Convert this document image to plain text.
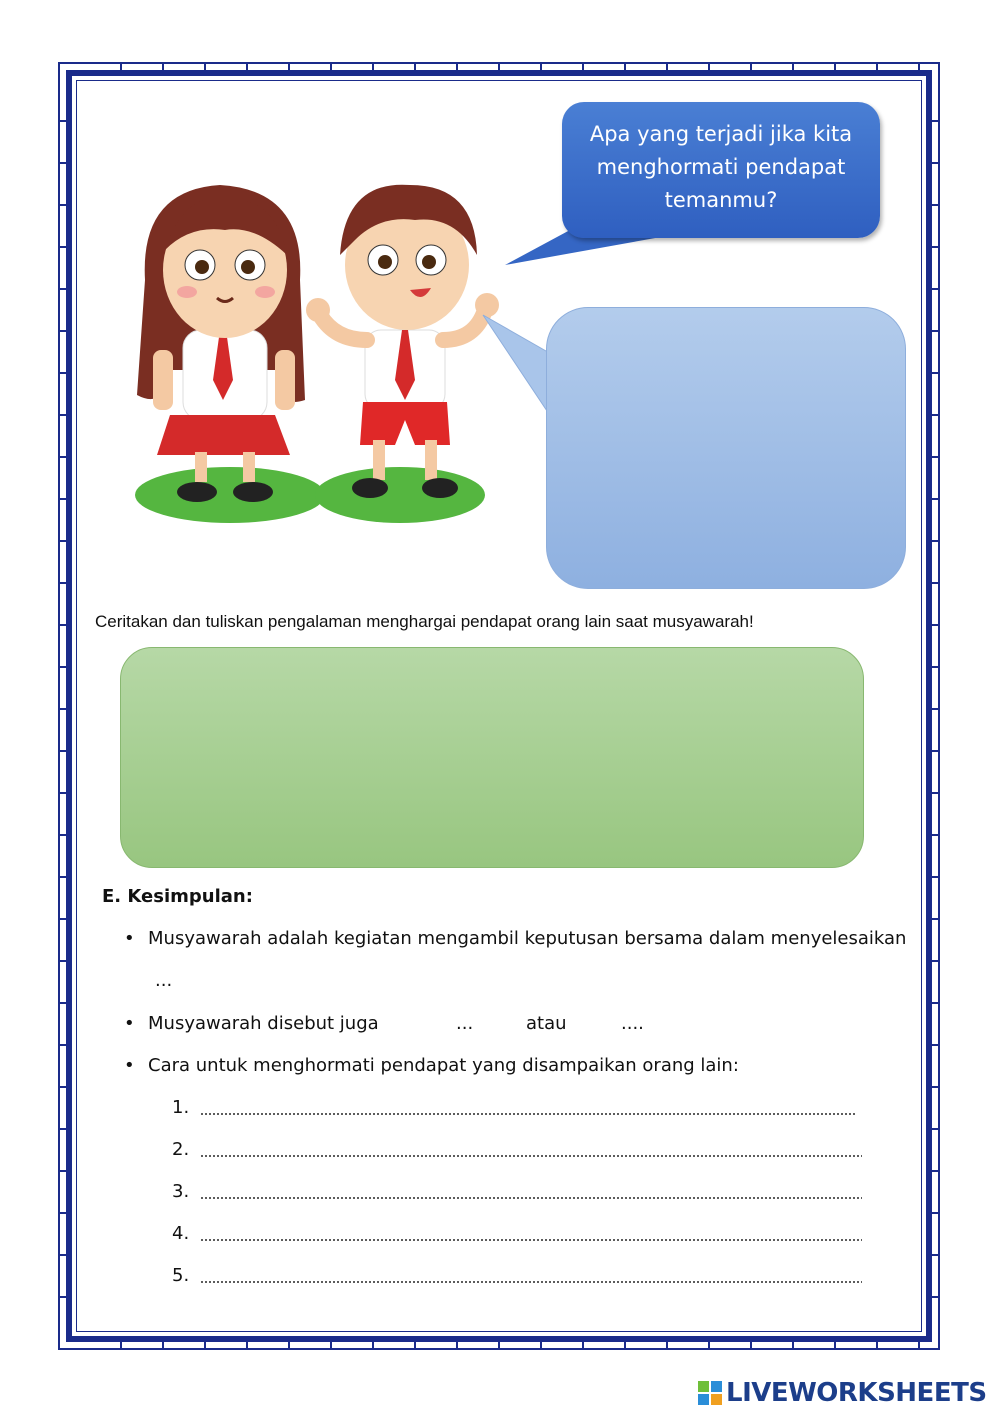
Apa yang terjadi jika kita
menghormati pendapat
temanmu?
Ceritakan dan tuliskan pengalaman menghargai pendapat orang lain saat musyawarah!
E. Kesimpulan:
• Musyawarah adalah kegiatan mengambil keputusan bersama dalam menyelesaikan
...
• Musyawarah disebut juga	...	atau	....
• Cara untuk menghormati pendapat yang disampaikan orang lain:
1.
2.
3.
4.
5.
LIVEWORKSHEETS
